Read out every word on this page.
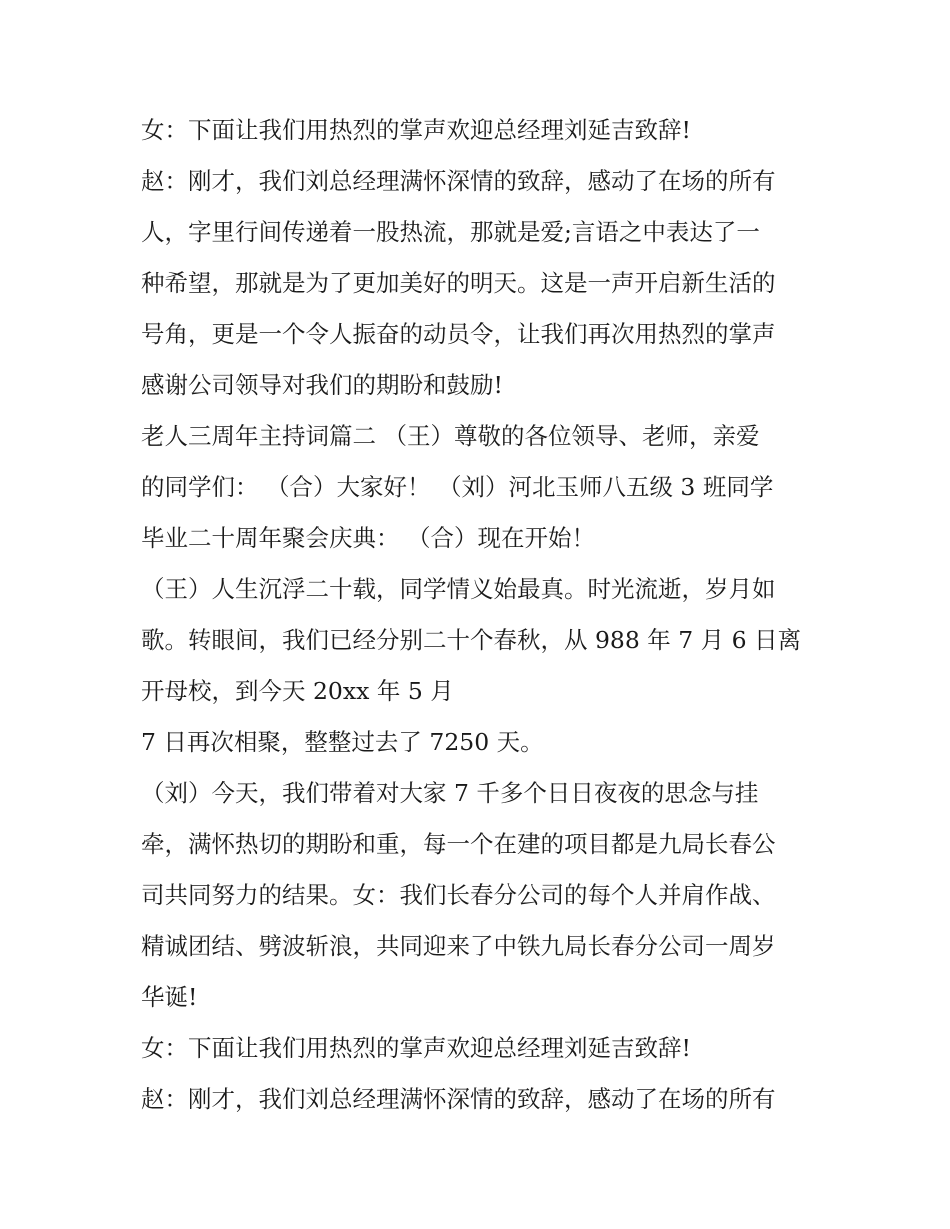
女：下面让我们用热烈的掌声欢迎总经理刘延吉致辞!
赵：刚才，我们刘总经理满怀深情的致辞，感动了在场的所有
人，字里行间传递着一股热流，那就是爱;言语之中表达了一
种希望，那就是为了更加美好的明天。这是一声开启新生活的
号角，更是一个令人振奋的动员令，让我们再次用热烈的掌声
感谢公司领导对我们的期盼和鼓励!
老人三周年主持词篇二 （王）尊敬的各位领导、老师，亲爱
的同学们： （合）大家好！ （刘）河北玉师八五级 3 班同学
毕业二十周年聚会庆典： （合）现在开始！
（王）人生沉浮二十载，同学情义始最真。时光流逝，岁月如
歌。转眼间，我们已经分别二十个春秋，从 988 年 7 月 6 日离
开母校，到今天 20xx 年 5 月
7 日再次相聚，整整过去了 7250 天。
（刘）今天，我们带着对大家 7 千多个日日夜夜的思念与挂
牵，满怀热切的期盼和重，每一个在建的项目都是九局长春公
司共同努力的结果。女：我们长春分公司的每个人并肩作战、
精诚团结、劈波斩浪，共同迎来了中铁九局长春分公司一周岁
华诞!
女：下面让我们用热烈的掌声欢迎总经理刘延吉致辞!
赵：刚才，我们刘总经理满怀深情的致辞，感动了在场的所有
